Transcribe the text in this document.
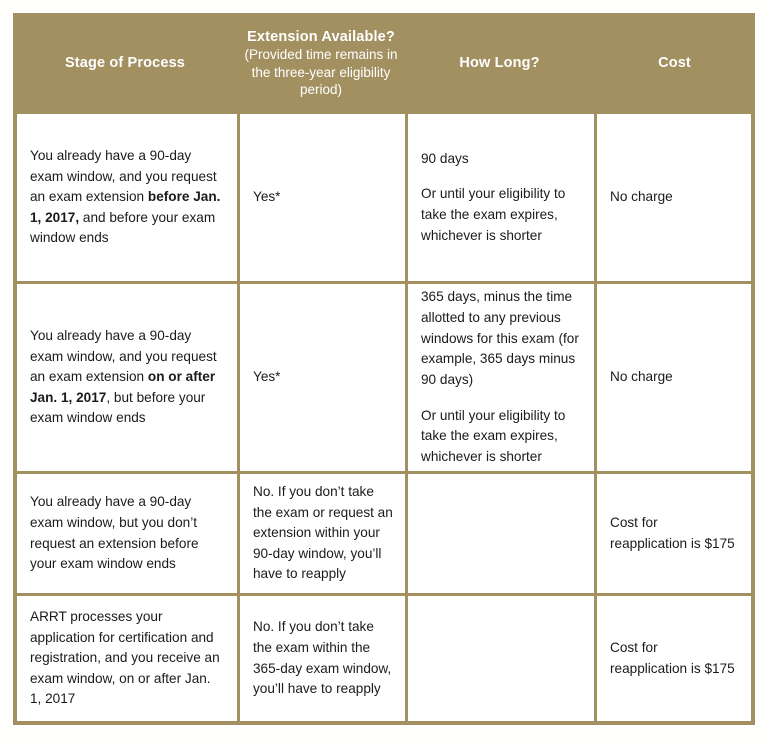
Stage of Process
Extension Available?
(Provided time remains in the three-year eligibility period)
How Long?	Cost
You already have a 90-day exam window, and you request an exam extension before Jan. 1, 2017, and before your exam window ends
Yes*
90 days
Or until your eligibility to take the exam expires, whichever is shorter
No charge
You already have a 90-day exam window, and you request an exam extension on or after Jan. 1, 2017, but before your exam window ends
Yes*
365 days, minus the time allotted to any previous windows for this exam (for example, 365 days minus 90 days)
Or until your eligibility to take the exam expires, whichever is shorter
No charge
You already have a 90-day exam window, but you don’t request an extension before your exam window ends
No. If you don’t take the exam or request an extension within your 90-day window, you’ll have to reapply
Cost for reapplication is $175
ARRT processes your application for certification and registration, and you receive an exam window, on or after Jan. 1, 2017
No. If you don’t take the exam within the 365-day exam window, you’ll have to reapply
Cost for reapplication is $175
